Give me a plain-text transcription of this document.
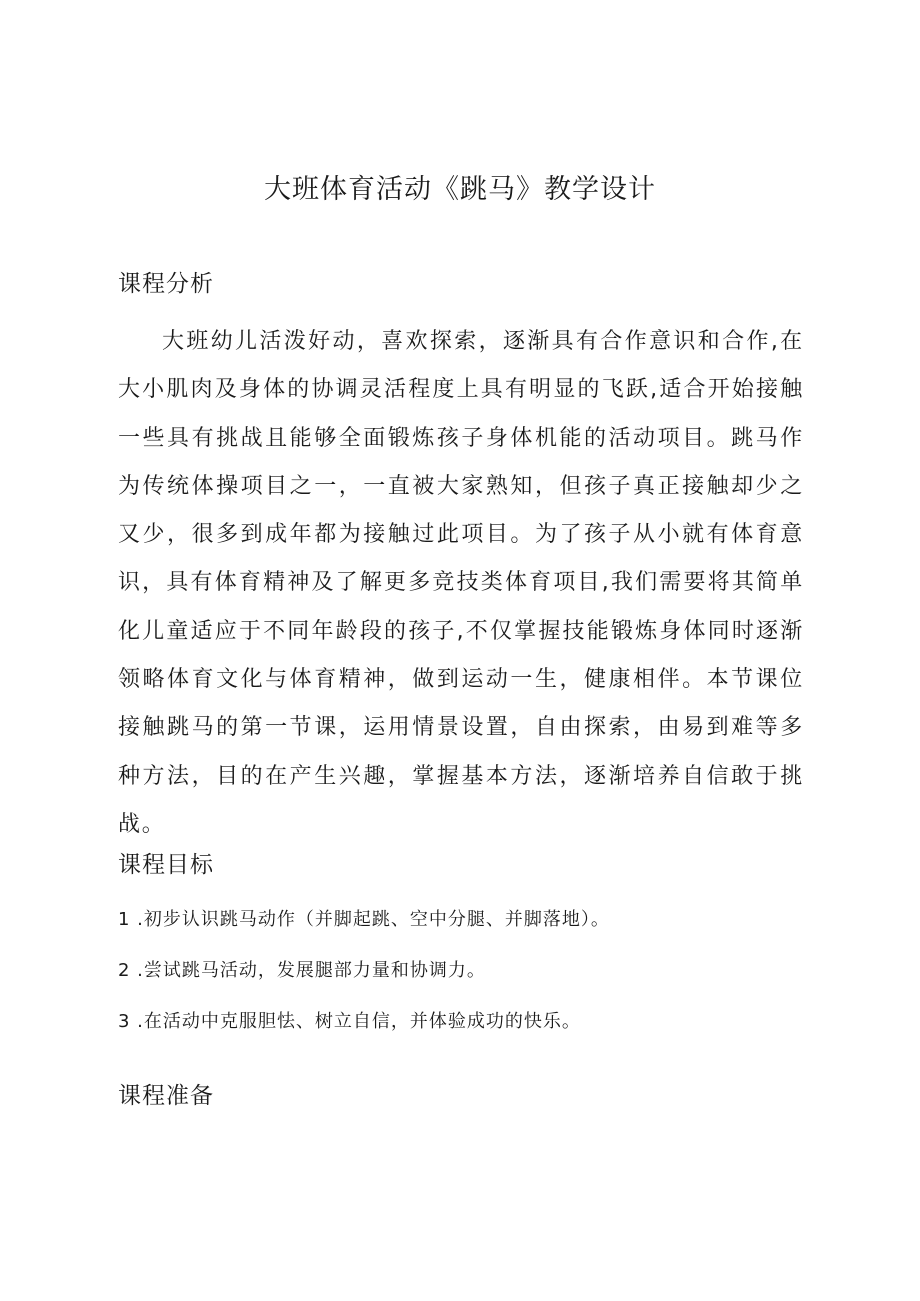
大班体育活动《跳马》教学设计
课程分析

大班幼儿活泼好动，喜欢探索，逐渐具有合作意识和合作,在大小肌肉及身体的协调灵活程度上具有明显的飞跃,适合开始接触一些具有挑战且能够全面锻炼孩子身体机能的活动项目。跳马作为传统体操项目之一，一直被大家熟知，但孩子真正接触却少之又少，很多到成年都为接触过此项目。为了孩子从小就有体育意识，具有体育精神及了解更多竞技类体育项目,我们需要将其简单化儿童适应于不同年龄段的孩子,不仅掌握技能锻炼身体同时逐渐领略体育文化与体育精神，做到运动一生，健康相伴。本节课位接触跳马的第一节课，运用情景设置，自由探索，由易到难等多种方法，目的在产生兴趣，掌握基本方法，逐渐培养自信敢于挑战。

课程目标

1 .初步认识跳马动作（并脚起跳、空中分腿、并脚落地）。

2 .尝试跳马活动，发展腿部力量和协调力。

3 .在活动中克服胆怯、树立自信，并体验成功的快乐。

课程准备
